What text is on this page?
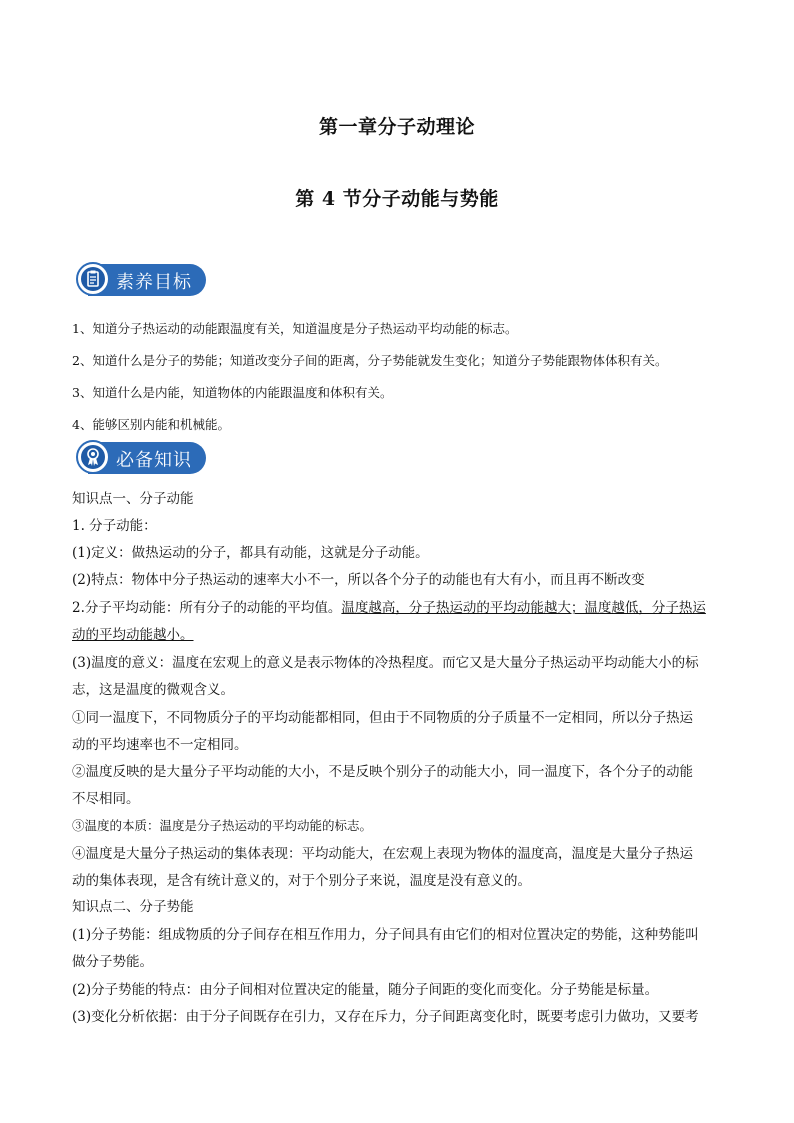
第一章分子动理论
第 4 节分子动能与势能
素养目标
1、知道分子热运动的动能跟温度有关，知道温度是分子热运动平均动能的标志。
2、知道什么是分子的势能；知道改变分子间的距离，分子势能就发生变化；知道分子势能跟物体体积有关。
3、知道什么是内能，知道物体的内能跟温度和体积有关。
4、能够区别内能和机械能。
必备知识
知识点一、分子动能
1. 分子动能：
(1)定义：做热运动的分子，都具有动能，这就是分子动能。
(2)特点：物体中分子热运动的速率大小不一，所以各个分子的动能也有大有小，而且再不断改变
2.分子平均动能：所有分子的动能的平均值。温度越高，分子热运动的平均动能越大；温度越低，分子热运
动的平均动能越小。
(3)温度的意义：温度在宏观上的意义是表示物体的冷热程度。而它又是大量分子热运动平均动能大小的标
志，这是温度的微观含义。
①同一温度下，不同物质分子的平均动能都相同，但由于不同物质的分子质量不一定相同，所以分子热运
动的平均速率也不一定相同。
②温度反映的是大量分子平均动能的大小，不是反映个别分子的动能大小，同一温度下，各个分子的动能
不尽相同。
③温度的本质：温度是分子热运动的平均动能的标志。
④温度是大量分子热运动的集体表现：平均动能大，在宏观上表现为物体的温度高，温度是大量分子热运
动的集体表现，是含有统计意义的，对于个别分子来说，温度是没有意义的。
知识点二、分子势能
(1)分子势能：组成物质的分子间存在相互作用力，分子间具有由它们的相对位置决定的势能，这种势能叫
做分子势能。
(2)分子势能的特点：由分子间相对位置决定的能量，随分子间距的变化而变化。分子势能是标量。
(3)变化分析依据：由于分子间既存在引力，又存在斥力，分子间距离变化时，既要考虑引力做功，又要考
